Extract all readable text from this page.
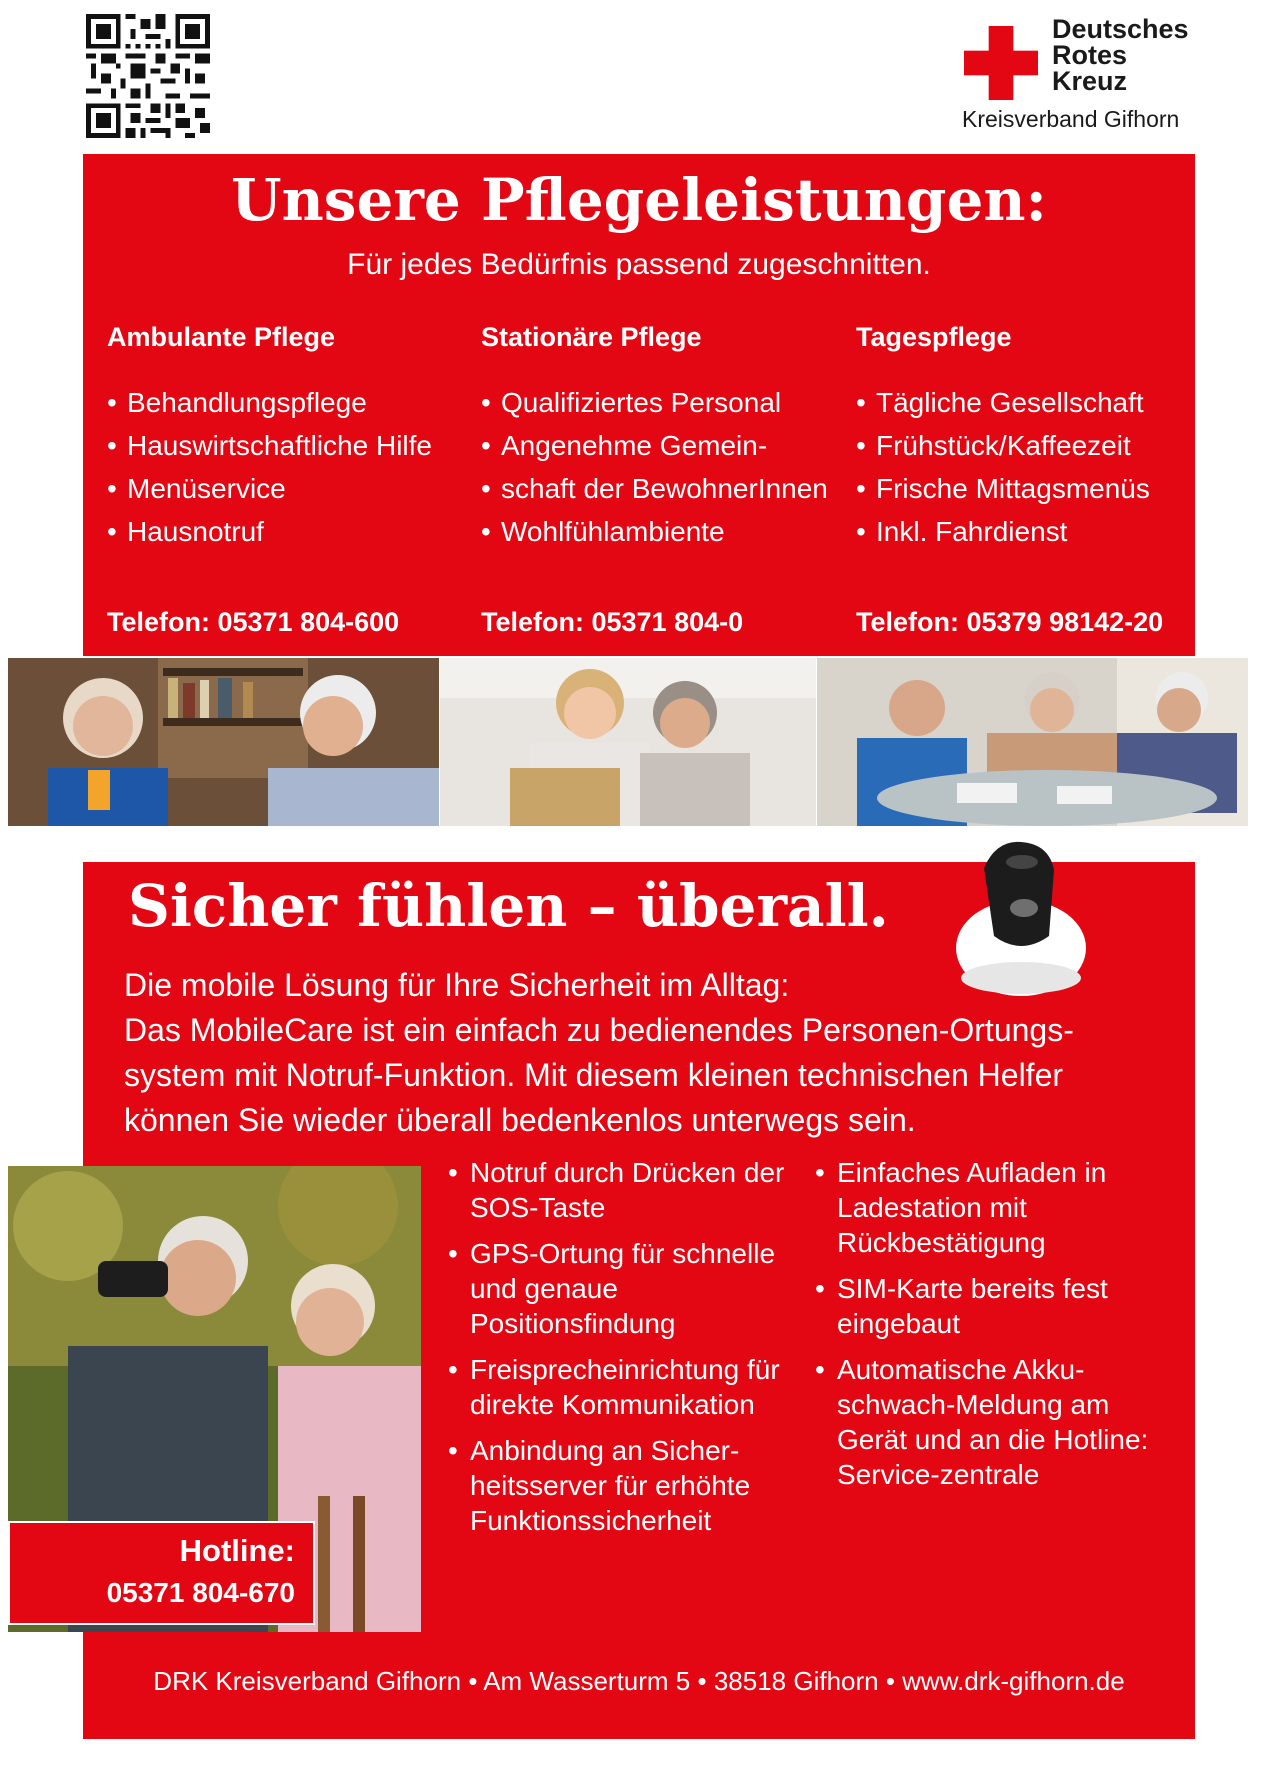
Deutsches
Rotes
Kreuz
Kreisverband Gifhorn
Unsere Pflegeleistungen:
Für jedes Bedürfnis passend zugeschnitten.
Ambulante Pflege	Stationäre Pflege	Tagespflege
• Behandlungspflege
• Hauswirtschaftliche Hilfe
• Menüservice
• Hausnotruf
• Qualifiziertes Personal
• Angenehme Gemein-
• schaft der BewohnerInnen
• Wohlfühlambiente
• Tägliche Gesellschaft
• Frühstück/Kaffeezeit
• Frische Mittagsmenüs
• Inkl. Fahrdienst
Telefon: 05371 804-600	Telefon: 05371 804-0	Telefon: 05379 98142-20
Sicher fühlen – überall.
Die mobile Lösung für Ihre Sicherheit im Alltag:
Das MobileCare ist ein einfach zu bedienendes Personen-Ortungs-
system mit Notruf-Funktion. Mit diesem kleinen technischen Helfer
können Sie wieder überall bedenkenlos unterwegs sein.
Hotline:
05371 804-670
• Notruf durch Drücken der SOS-Taste
• GPS-Ortung für schnelle und genaue Positionsfindung
• Freisprecheinrichtung für direkte Kommunikation
• Anbindung an Sicher-heitsserver für erhöhte Funktionssicherheit
• Einfaches Aufladen in Ladestation mit Rückbestätigung
• SIM-Karte bereits fest eingebaut
• Automatische Akku-schwach-Meldung am Gerät und an die Hotline: Service-zentrale
DRK Kreisverband Gifhorn • Am Wasserturm 5 • 38518 Gifhorn • www.drk-gifhorn.de
